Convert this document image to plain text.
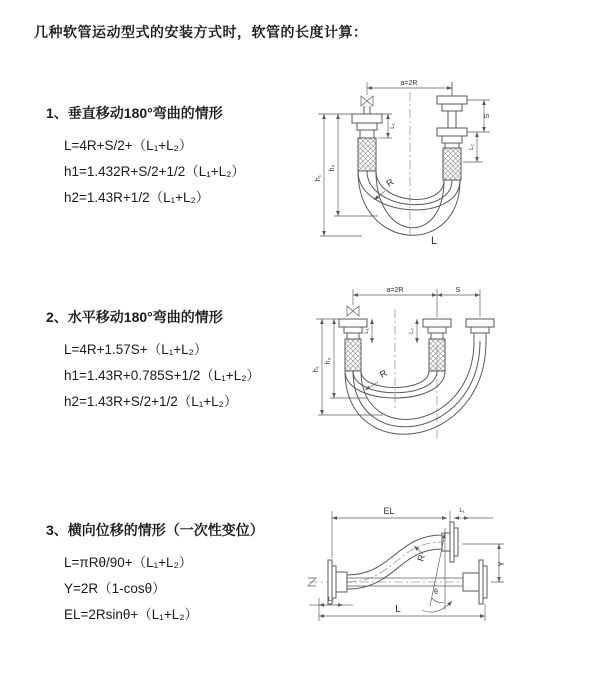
几种软管运动型式的安装方式时，软管的长度计算：
1、垂直移动180°弯曲的情形
L=4R+S/2+（L₁+L₂）
h1=1.432R+S/2+1/2（L₁+L₂）
h2=1.43R+1/2（L₁+L₂）
2、水平移动180°弯曲的情形
L=4R+1.57S+（L₁+L₂）
h1=1.43R+0.785S+1/2（L₁+L₂）
h2=1.43R+S/2+1/2（L₁+L₂）
3、横向位移的情形（一次性变位）
L=πRθ/90+（L₁+L₂）
Y=2R（1-cosθ）
EL=2Rsinθ+（L₁+L₂）
a=2R
h₁
h₂
L₁
S
L₂
R
L
a=2R	S
h₁
h₂
L₁	L₂
R
EL	L₁
Y
θ
R
L₂
L
